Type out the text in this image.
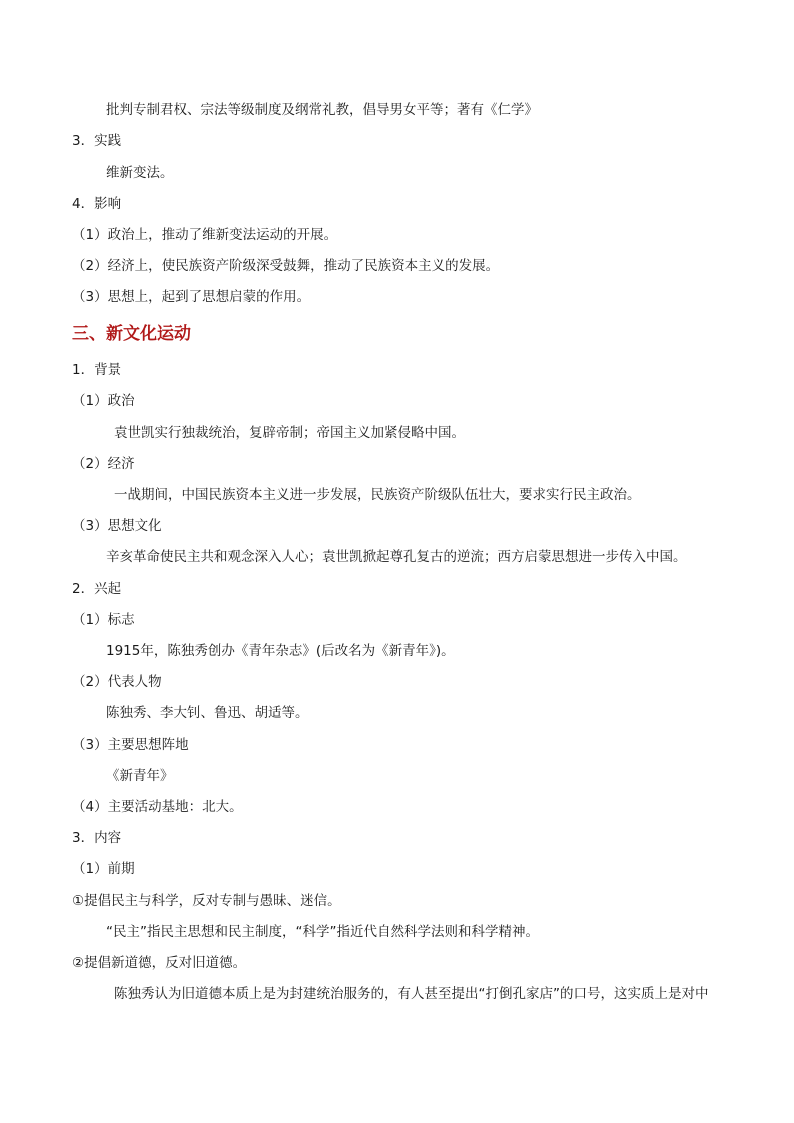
批判专制君权、宗法等级制度及纲常礼教，倡导男女平等；著有《仁学》
3．实践
维新变法。
4．影响
（1）政治上，推动了维新变法运动的开展。
（2）经济上，使民族资产阶级深受鼓舞，推动了民族资本主义的发展。
（3）思想上，起到了思想启蒙的作用。
三、新文化运动
1．背景
（1）政治
袁世凯实行独裁统治，复辟帝制；帝国主义加紧侵略中国。
（2）经济
一战期间，中国民族资本主义进一步发展，民族资产阶级队伍壮大，要求实行民主政治。
（3）思想文化
辛亥革命使民主共和观念深入人心；袁世凯掀起尊孔复古的逆流；西方启蒙思想进一步传入中国。
2．兴起
（1）标志
1915年，陈独秀创办《青年杂志》(后改名为《新青年》)。
（2）代表人物
陈独秀、李大钊、鲁迅、胡适等。
（3）主要思想阵地
《新青年》
（4）主要活动基地：北大。
3．内容
（1）前期
①提倡民主与科学，反对专制与愚昧、迷信。
“民主”指民主思想和民主制度，“科学”指近代自然科学法则和科学精神。
②提倡新道德，反对旧道德。
陈独秀认为旧道德本质上是为封建统治服务的，有人甚至提出“打倒孔家店”的口号，这实质上是对中
